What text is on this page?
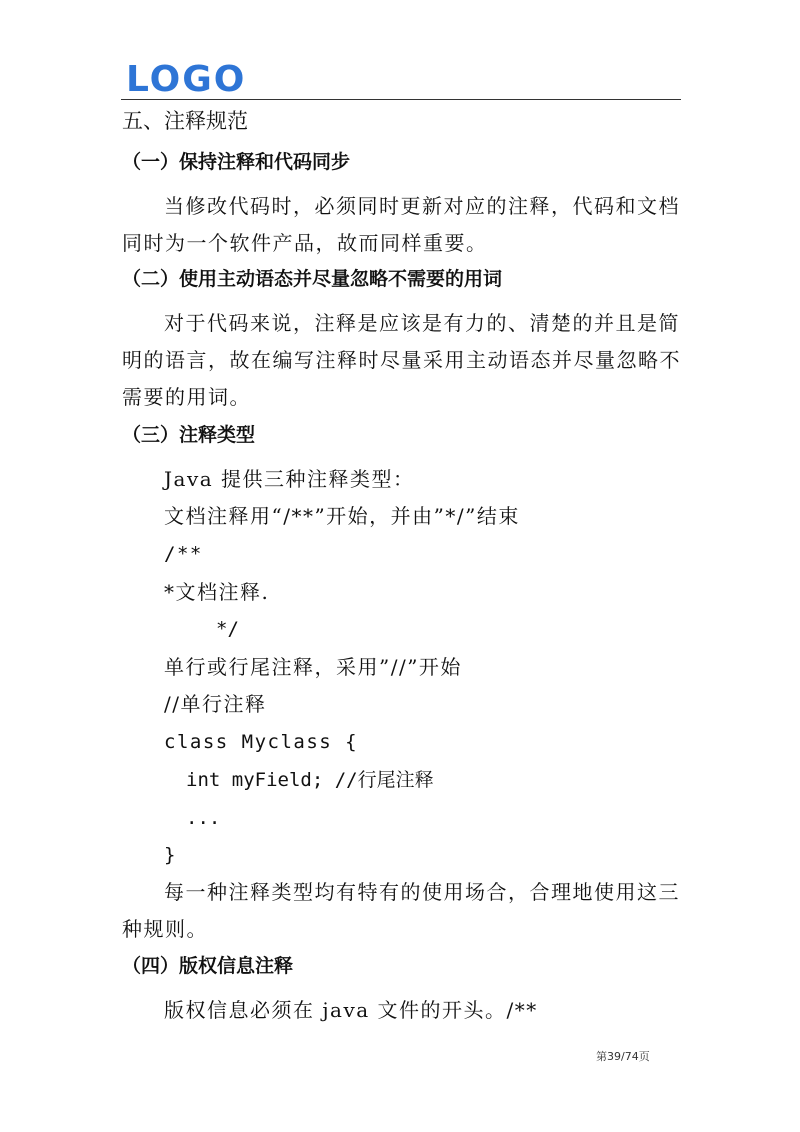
LOGO
五、注释规范
（一）保持注释和代码同步
当修改代码时，必须同时更新对应的注释，代码和文档
同时为一个软件产品，故而同样重要。
（二）使用主动语态并尽量忽略不需要的用词
对于代码来说，注释是应该是有力的、清楚的并且是简
明的语言，故在编写注释时尽量采用主动语态并尽量忽略不
需要的用词。
（三）注释类型
Java 提供三种注释类型：
文档注释用“/**”开始，并由”*/”结束
/**
*文档注释.
*/
单行或行尾注释，采用”//”开始
//单行注释
class Myclass {
int myField; //行尾注释
...
}
每一种注释类型均有特有的使用场合，合理地使用这三
种规则。
（四）版权信息注释
版权信息必须在 java 文件的开头。/**
第39/74页
